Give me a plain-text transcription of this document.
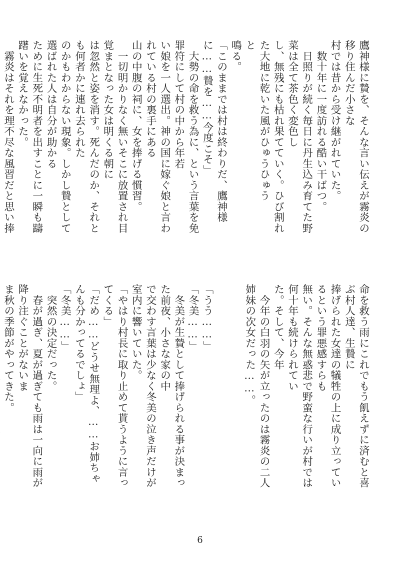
鷹神様に贄を、そんな言い伝えが霧炎の移り住んだ小さな
村では昔から受け継がれていた。
　数十年に一度訪れる酷い干ばつ。
　日照りが続く毎日に丹生込み育てた野菜は全て茶色く変色し
し、無残にも枯れ果てていく。ひび割れた大地に乾いた風がひゅうひゅう
と
鳴る。
「このままでは村は終わりだ、鷹神様に……贄を……今度こそ」
　大勢の命を救う為に、という言葉を免罪符にして村の中から年若
い娘を一人選出。神の国に嫁ぐ娘と言われている村の裏手にある
山の中腹の祠に、女を捧げる慣習。
　一切明かりなく無いそこに放置され目覚まとなった女は明くる朝に
は忽然と姿を消す。死んだのか、それとも何者かに連れ去られた
のかもわからない現象。しかし贄として選ばれた人は自分が助かる
ために生死不明者を出すことに一瞬も躊躇いを覚えなかった。
　霧炎はそれを理不尽な風習だと思い捧

命を救う雨にこれでもう飢えずに済むと喜ぶ村人達、生贄に
捧げられた女達の犠牲の上に成り立っているという罪悪感すらも
無い。そんな無惑悲で野蛮な行いが村では何十年も続けられてい
た。そして、今年
　今年の白羽の矢が立ったのは霧炎の二人姉妹の次女だった……。

「うう……」
「冬美……」
　冬美が生贄として捧げられる事が決まった前夜、小さな家の中
で交わす言葉は少なく冬美の泣き声だけが室内に響いていた。
「やはり村長に取り止めて貰うように言ってくる」
「だめ……どうせ無理よ、……お姉ちゃんも分かってるでしょ」
「冬美……」
　突然の決定だった。
　春が過ぎ、夏が過ぎても雨は一向に雨が降り注ぐことがないま
ま秋の季節がやってきた。

6
